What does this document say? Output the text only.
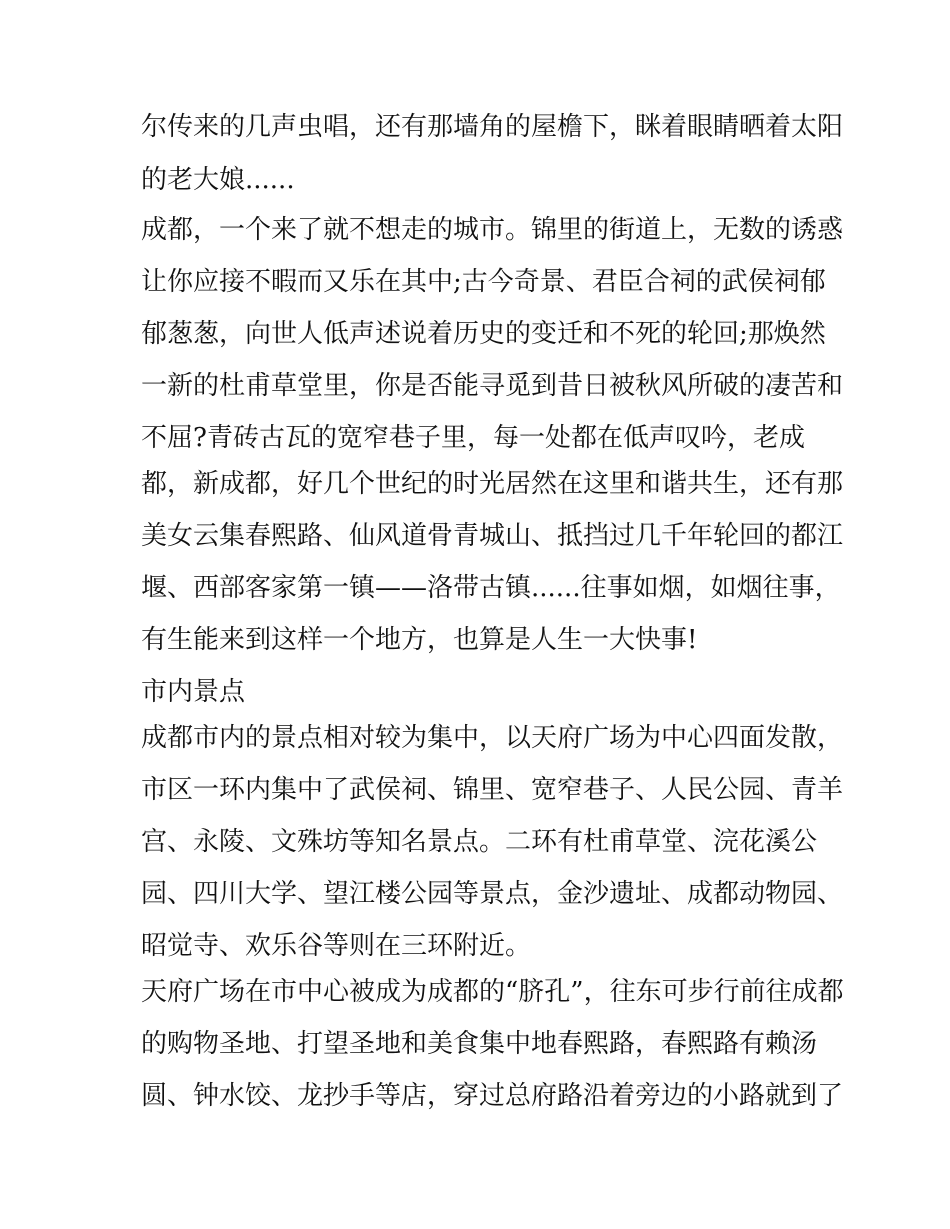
尔传来的几声虫唱，还有那墙角的屋檐下，眯着眼睛晒着太阳
的老大娘......
成都，一个来了就不想走的城市。锦里的街道上，无数的诱惑
让你应接不暇而又乐在其中;古今奇景、君臣合祠的武侯祠郁
郁葱葱，向世人低声述说着历史的变迁和不死的轮回;那焕然
一新的杜甫草堂里，你是否能寻觅到昔日被秋风所破的凄苦和
不屈?青砖古瓦的宽窄巷子里，每一处都在低声叹吟，老成
都，新成都，好几个世纪的时光居然在这里和谐共生，还有那
美女云集春熙路、仙风道骨青城山、抵挡过几千年轮回的都江
堰、西部客家第一镇——洛带古镇......往事如烟，如烟往事，
有生能来到这样一个地方，也算是人生一大快事!
市内景点
成都市内的景点相对较为集中，以天府广场为中心四面发散，
市区一环内集中了武侯祠、锦里、宽窄巷子、人民公园、青羊
宫、永陵、文殊坊等知名景点。二环有杜甫草堂、浣花溪公
园、四川大学、望江楼公园等景点，金沙遗址、成都动物园、
昭觉寺、欢乐谷等则在三环附近。
天府广场在市中心被成为成都的“脐孔”，往东可步行前往成都
的购物圣地、打望圣地和美食集中地春熙路，春熙路有赖汤
圆、钟水饺、龙抄手等店，穿过总府路沿着旁边的小路就到了
